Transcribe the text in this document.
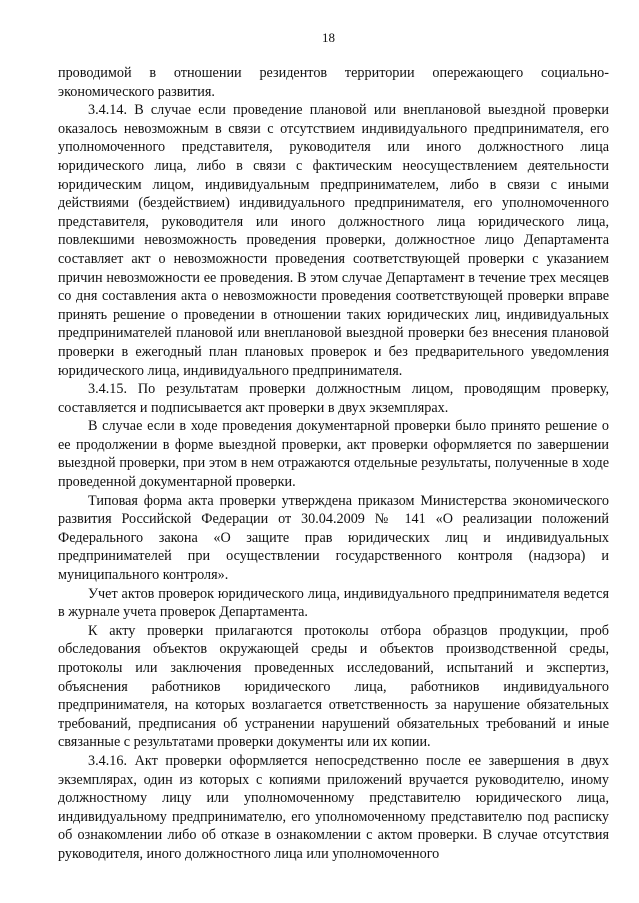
18

проводимой в отношении резидентов территории опережающего социально-экономического развития.

3.4.14. В случае если проведение плановой или внеплановой выездной проверки оказалось невозможным в связи с отсутствием индивидуального предпринимателя, его уполномоченного представителя, руководителя или иного должностного лица юридического лица, либо в связи с фактическим неосуществлением деятельности юридическим лицом, индивидуальным предпринимателем, либо в связи с иными действиями (бездействием) индивидуального предпринимателя, его уполномоченного представителя, руководителя или иного должностного лица юридического лица, повлекшими невозможность проведения проверки, должностное лицо Департамента составляет акт о невозможности проведения соответствующей проверки с указанием причин невозможности ее проведения. В этом случае Департамент в течение трех месяцев со дня составления акта о невозможности проведения соответствующей проверки вправе принять решение о проведении в отношении таких юридических лиц, индивидуальных предпринимателей плановой или внеплановой выездной проверки без внесения плановой проверки в ежегодный план плановых проверок и без предварительного уведомления юридического лица, индивидуального предпринимателя.

3.4.15. По результатам проверки должностным лицом, проводящим проверку, составляется и подписывается акт проверки в двух экземплярах.

В случае если в ходе проведения документарной проверки было принято решение о ее продолжении в форме выездной проверки, акт проверки оформляется по завершении выездной проверки, при этом в нем отражаются отдельные результаты, полученные в ходе проведенной документарной проверки.

Типовая форма акта проверки утверждена приказом Министерства экономического развития Российской Федерации от 30.04.2009 № 141 «О реализации положений Федерального закона «О защите прав юридических лиц и индивидуальных предпринимателей при осуществлении государственного контроля (надзора) и муниципального контроля».

Учет актов проверок юридического лица, индивидуального предпринимателя ведется в журнале учета проверок Департамента.

К акту проверки прилагаются протоколы отбора образцов продукции, проб обследования объектов окружающей среды и объектов производственной среды, протоколы или заключения проведенных исследований, испытаний и экспертиз, объяснения работников юридического лица, работников индивидуального предпринимателя, на которых возлагается ответственность за нарушение обязательных требований, предписания об устранении нарушений обязательных требований и иные связанные с результатами проверки документы или их копии.

3.4.16. Акт проверки оформляется непосредственно после ее завершения в двух экземплярах, один из которых с копиями приложений вручается руководителю, иному должностному лицу или уполномоченному представителю юридического лица, индивидуальному предпринимателю, его уполномоченному представителю под расписку об ознакомлении либо об отказе в ознакомлении с актом проверки. В случае отсутствия руководителя, иного должностного лица или уполномоченного
